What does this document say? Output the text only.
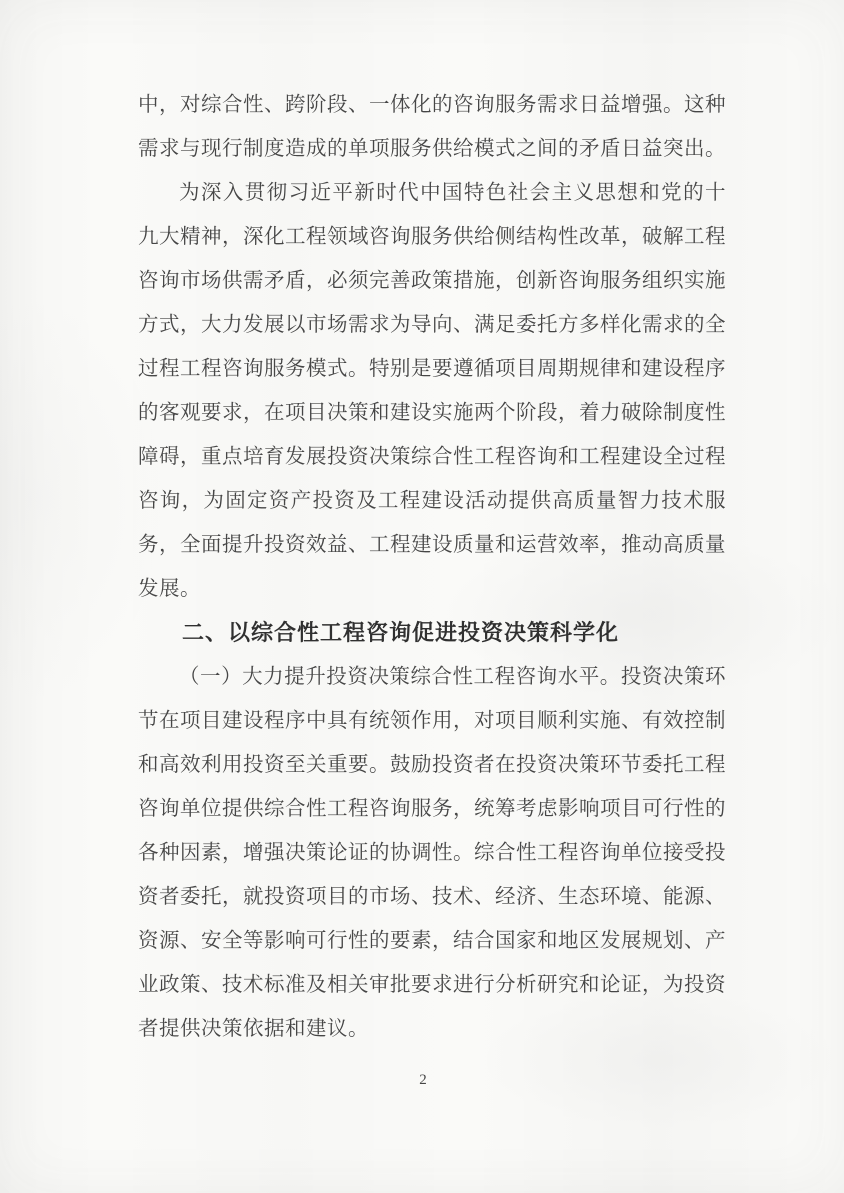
中，对综合性、跨阶段、一体化的咨询服务需求日益增强。这种
需求与现行制度造成的单项服务供给模式之间的矛盾日益突出。
为深入贯彻习近平新时代中国特色社会主义思想和党的十
九大精神，深化工程领域咨询服务供给侧结构性改革，破解工程
咨询市场供需矛盾，必须完善政策措施，创新咨询服务组织实施
方式，大力发展以市场需求为导向、满足委托方多样化需求的全
过程工程咨询服务模式。特别是要遵循项目周期规律和建设程序
的客观要求，在项目决策和建设实施两个阶段，着力破除制度性
障碍，重点培育发展投资决策综合性工程咨询和工程建设全过程
咨询，为固定资产投资及工程建设活动提供高质量智力技术服
务，全面提升投资效益、工程建设质量和运营效率，推动高质量
发展。
二、以综合性工程咨询促进投资决策科学化
（一）大力提升投资决策综合性工程咨询水平。投资决策环
节在项目建设程序中具有统领作用，对项目顺利实施、有效控制
和高效利用投资至关重要。鼓励投资者在投资决策环节委托工程
咨询单位提供综合性工程咨询服务，统筹考虑影响项目可行性的
各种因素，增强决策论证的协调性。综合性工程咨询单位接受投
资者委托，就投资项目的市场、技术、经济、生态环境、能源、
资源、安全等影响可行性的要素，结合国家和地区发展规划、产
业政策、技术标准及相关审批要求进行分析研究和论证，为投资
者提供决策依据和建议。
2
